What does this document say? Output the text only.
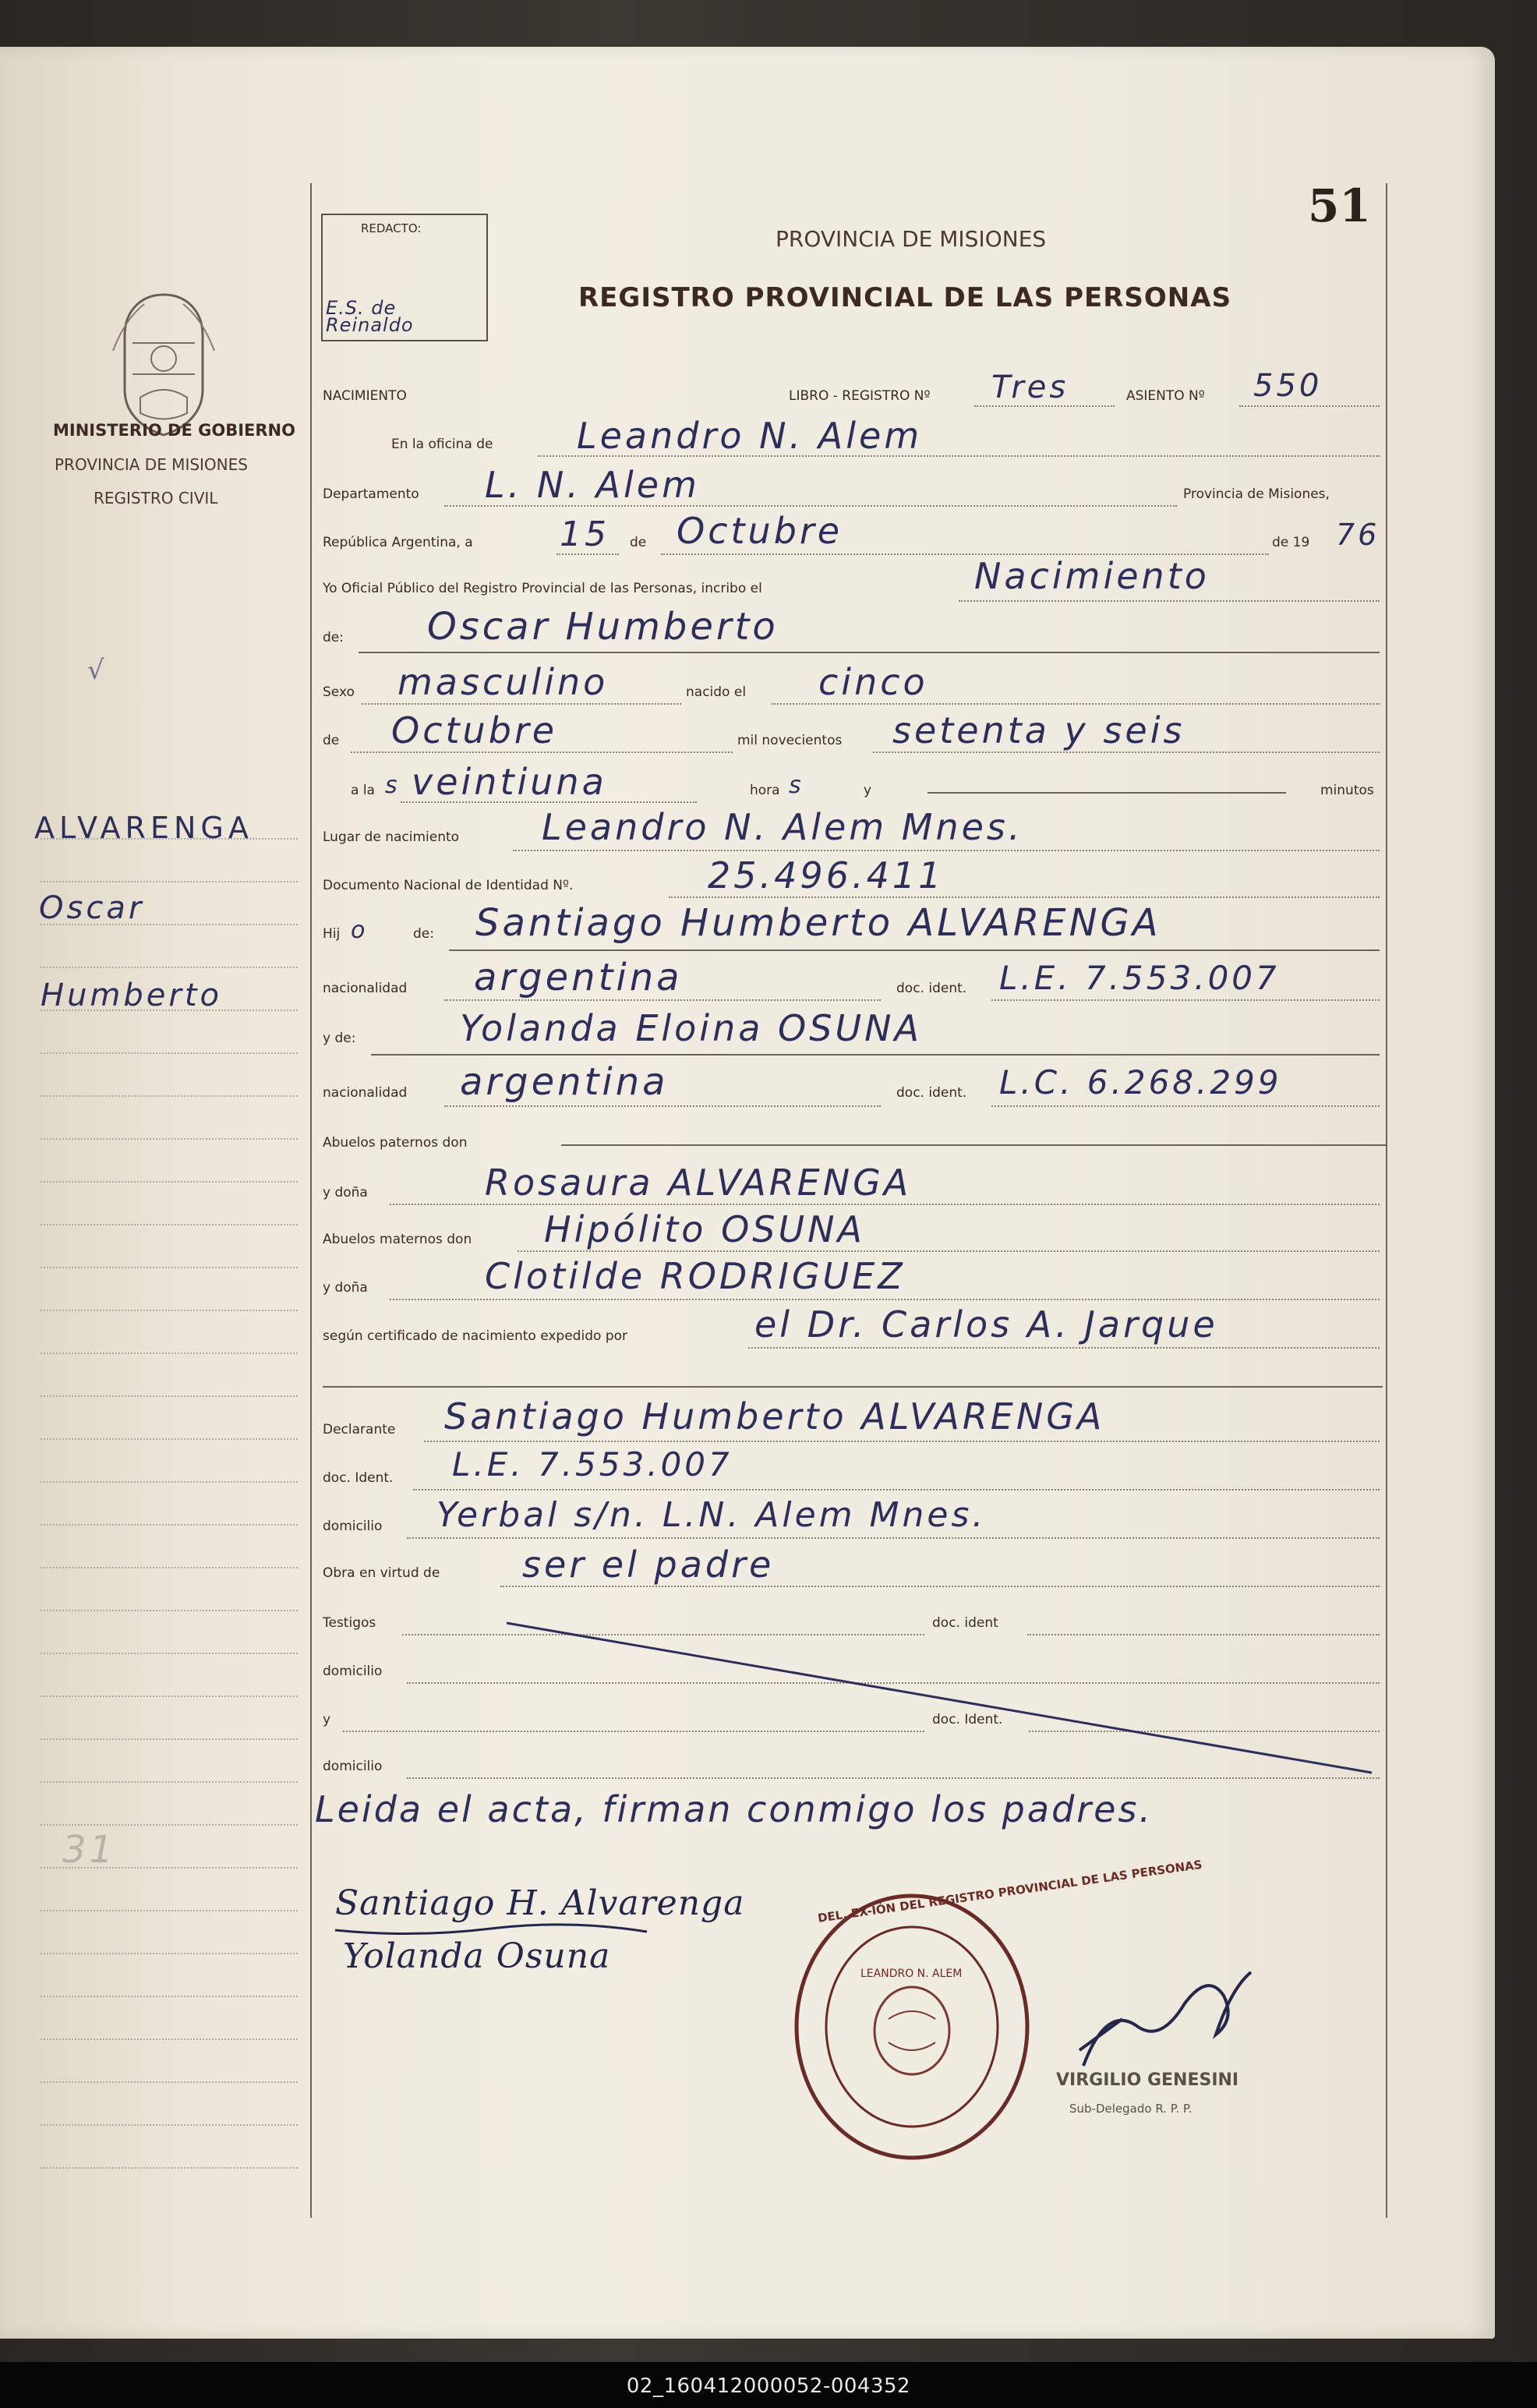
51
REDACTO:
E.S. de Reinaldo
PROVINCIA DE MISIONES
REGISTRO PROVINCIAL DE LAS PERSONAS
MINISTERIO DE GOBIERNO
PROVINCIA DE MISIONES
REGISTRO CIVIL
√
ALVARENGA
Oscar
Humberto
31
NACIMIENTO	LIBRO - REGISTRO Nº Tres	ASIENTO Nº 550
En la oficina de Leandro N. Alem
Departamento L. N. Alem	Provincia de Misiones,
República Argentina, a	15 de Octubre	de 19 76
Yo Oficial Público del Registro Provincial de las Personas, incribo el	Nacimiento
de: Oscar Humberto
Sexo masculino	nacido el cinco
de Octubre	mil novecientos setenta y seis
a la s veintiuna	hora s	y	minutos
Lugar de nacimiento Leandro N. Alem Mnes.
Documento Nacional de Identidad Nº.	25.496.411
Hij o	de: Santiago Humberto ALVARENGA
nacionalidad argentina	doc. ident. L.E. 7.553.007
y de:	Yolanda Eloina OSUNA
nacionalidad argentina	doc. ident. L.C. 6.268.299
Abuelos paternos don
y doña	Rosaura ALVARENGA
Abuelos maternos don Hipólito OSUNA
y doña	Clotilde RODRIGUEZ
según certificado de nacimiento expedido por	el Dr. Carlos A. Jarque
Declarante Santiago Humberto ALVARENGA
doc. Ident. L.E. 7.553.007
domicilio Yerbal s/n. L.N. Alem Mnes.
Obra en virtud de ser el padre
Testigos	doc. ident
domicilio
y	doc. Ident.
domicilio
Leida el acta, firman conmigo los padres.
Santiago H. Alvarenga
Yolanda Osuna
DEL. EX-IÓN DEL REGISTRO PROVINCIAL DE LAS PERSONAS
LEANDRO N. ALEM
VIRGILIO GENESINI
Sub-Delegado R. P. P.
02_160412000052-004352
